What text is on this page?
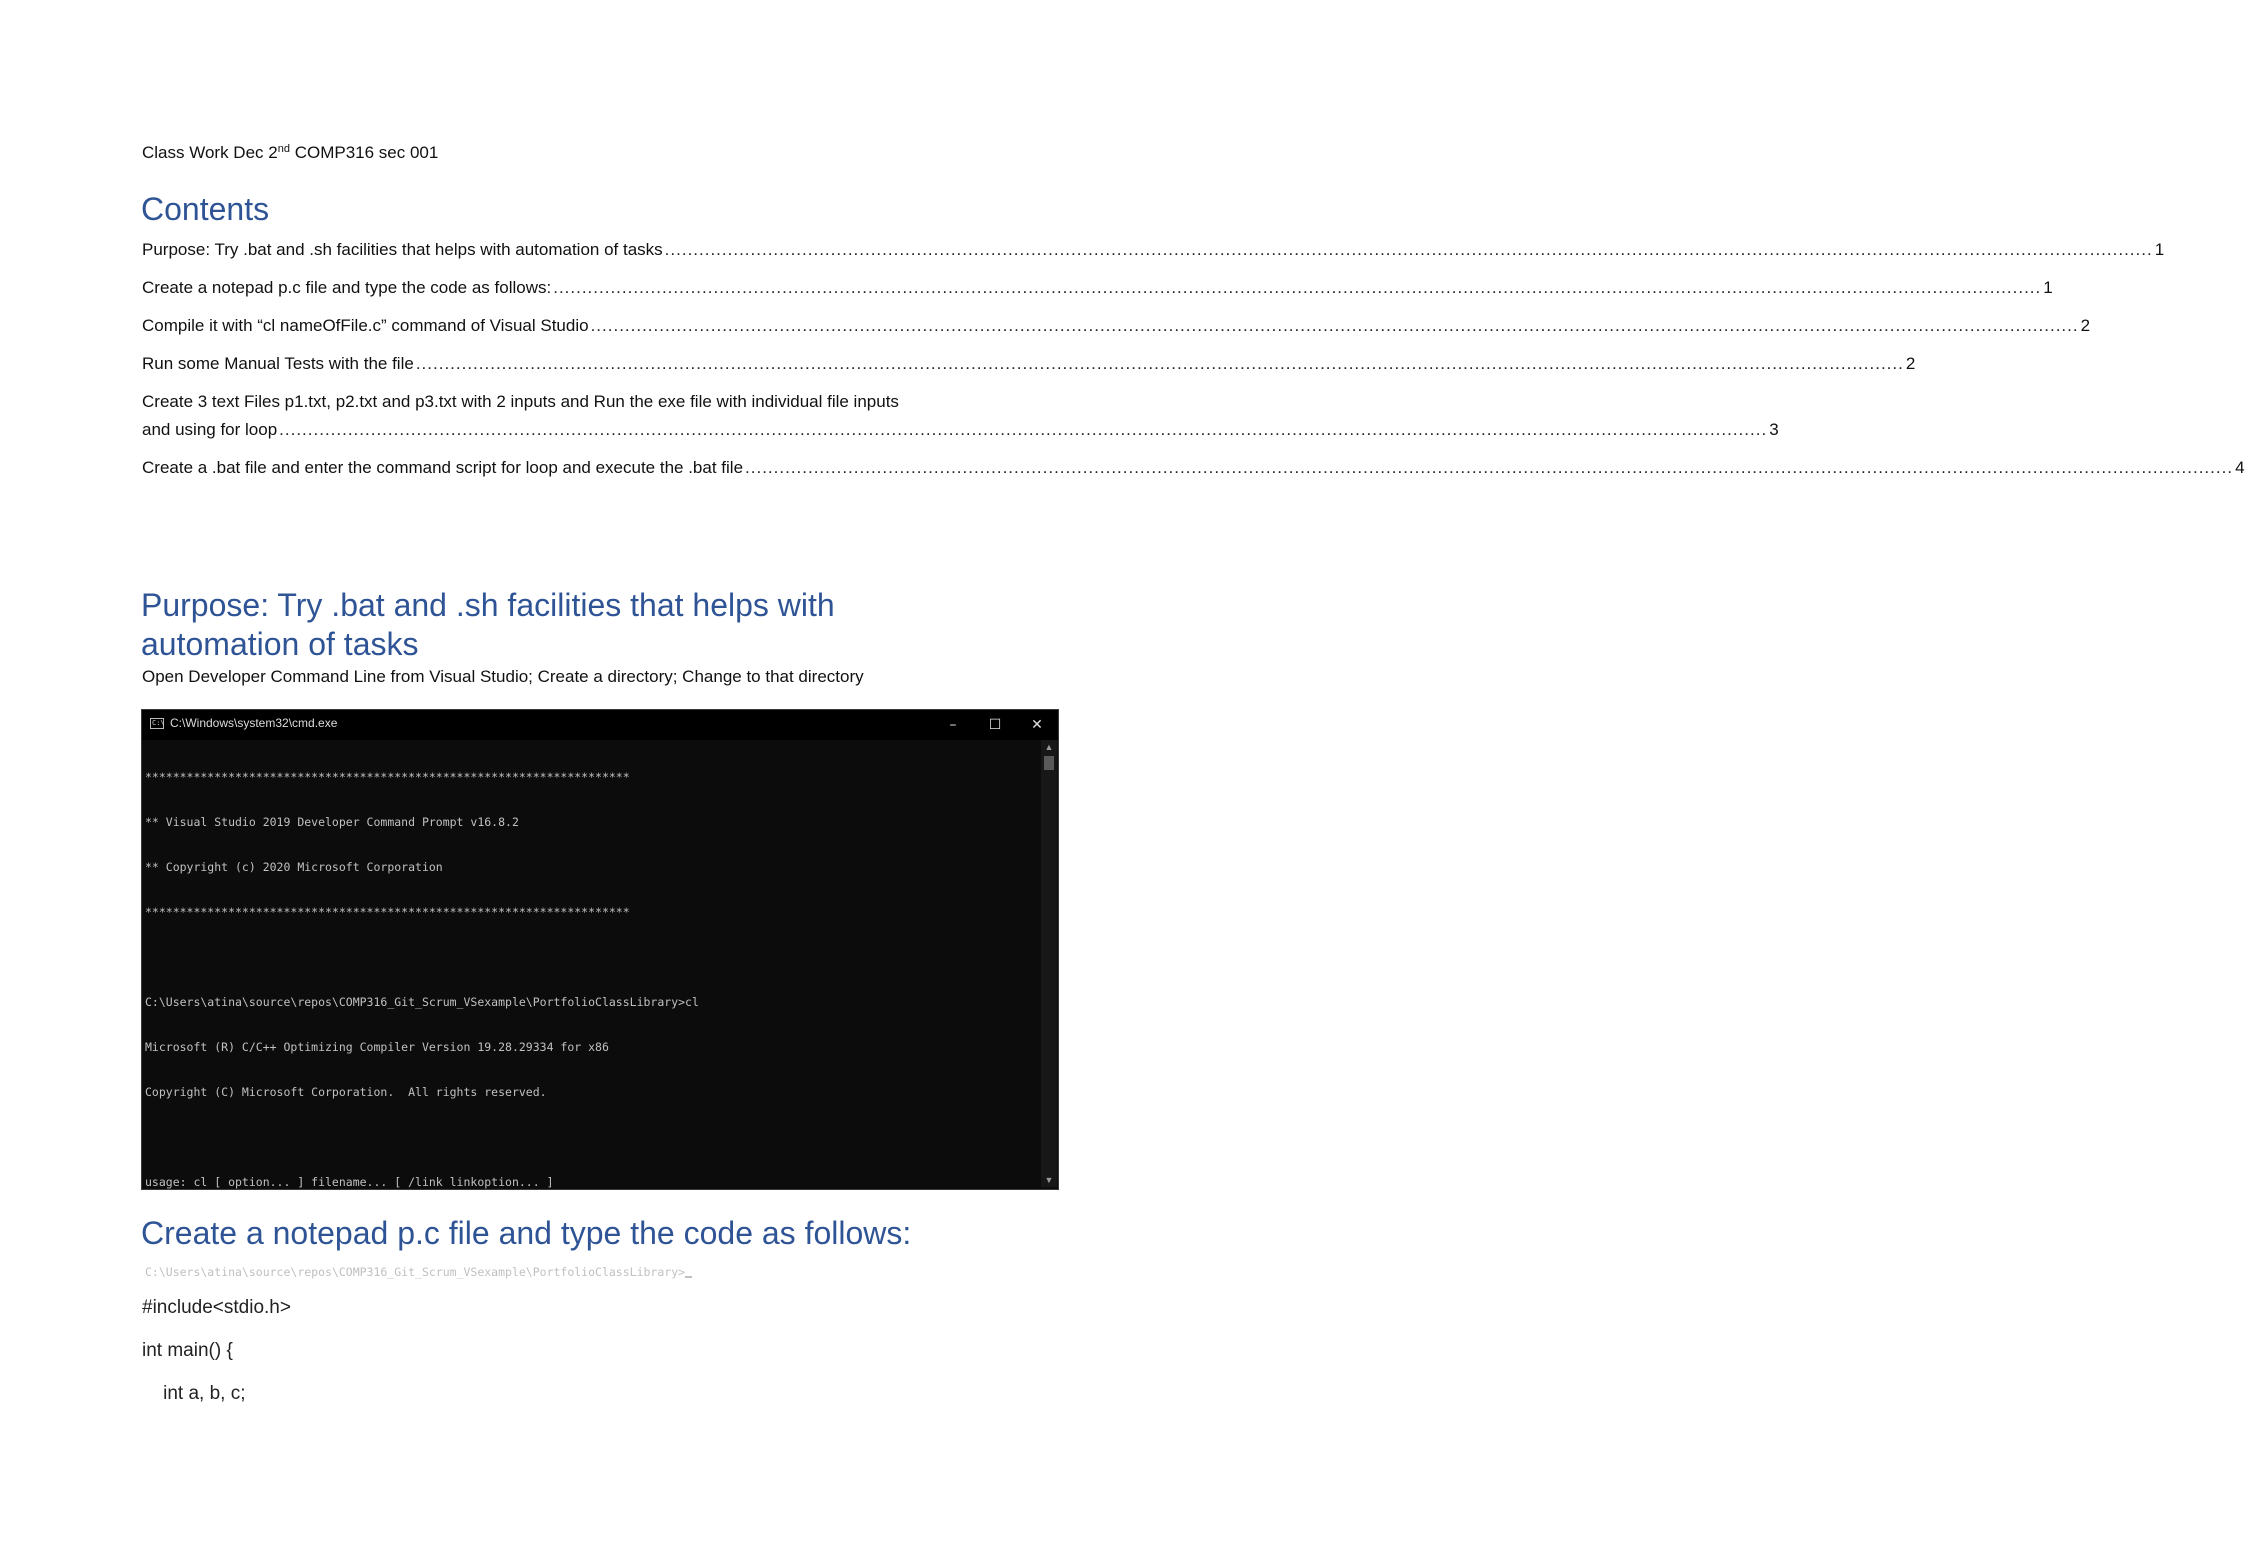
Class Work Dec 2nd COMP316 sec 001
Contents
Purpose: Try .bat and .sh facilities that helps with automation of tasks .....	1
Create a notepad p.c file and type the code as follows: .....	1
Compile it with “cl nameOfFile.c” command of Visual Studio .....	2
Run some Manual Tests with the file .....	2
Create 3 text Files p1.txt, p2.txt and p3.txt with 2 inputs and Run the exe file with individual file inputs
and using for loop .....	3
Create a .bat file and enter the command script for loop and execute the .bat file .....	4
Purpose: Try .bat and .sh facilities that helps with
automation of tasks
Open Developer Command Line from Visual Studio; Create a directory; Change to that directory
C:\ C:\Windows\system32\cmd.exe	–	☐	✕

**********************************************************************

** Visual Studio 2019 Developer Command Prompt v16.8.2

** Copyright (c) 2020 Microsoft Corporation

**********************************************************************

C:\Users\atina\source\repos\COMP316_Git_Scrum_VSexample\PortfolioClassLibrary>cl

Microsoft (R) C/C++ Optimizing Compiler Version 19.28.29334 for x86

Copyright (C) Microsoft Corporation.  All rights reserved.

usage: cl [ option... ] filename... [ /link linkoption... ]

C:\Users\atina\source\repos\COMP316_Git_Scrum_VSexample\PortfolioClassLibrary>

▲
▼
Create a notepad p.c file and type the code as follows:
#include<stdio.h>
int main() {
int a, b, c;
